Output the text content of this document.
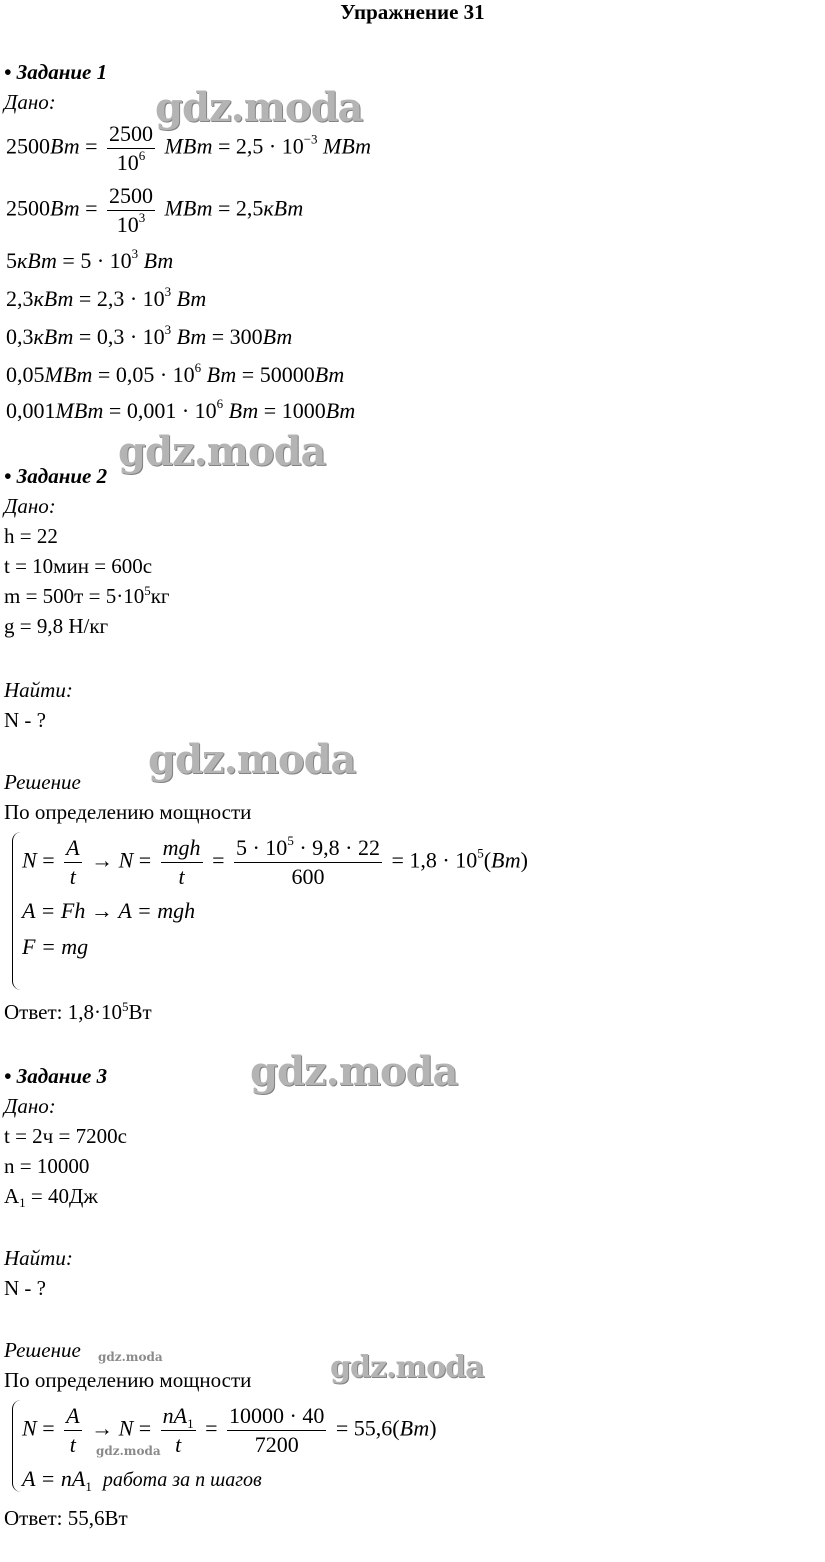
Упражнение 31
• Задание 1
Дано: gdz.moda
$2500Вт = \frac{2500}{10^6}$ МВт = $2,5 \cdot 10^{-3}$ МВт
$2500Вт = \frac{2500}{10^3}$ МВт = 2,5кВт
$5кВт = 5 \cdot 10^3$ Вт
$2,3кВт = 2,3 \cdot 10^3$ Вт
$0,3кВт = 0,3 \cdot 10^3$ Вт = 300Вт
$0,05МВт = 0,05 \cdot 10^6$ Вт = 50000Вт
$0,001МВт = 0,001 \cdot 10^6$ Вт = 1000Вт
gdz.moda
• Задание 2
Дано:
h = 22
t = 10мин = 600с
$m = 500т = 5\cdot 10^5кг$
g = 9,8 Н/кг
Найти:
N - ?
gdz.moda
Решение
По определению мощности
$N = \frac{A}{t} \to N = \frac{\text{mgh}}{t} = \frac{5 \cdot 10^5 \cdot 9,8 \cdot 22}{600} = 1,8 \cdot 10^5(Вт)$
A = Fh → A = mgh
F = mg
Ответ: $1,8\cdot 10^5Вт$
gdz.moda
• Задание 3
Дано:
t = 2ч = 7200с
n = 10000
A1 = 40Дж
Найти:
N - ?
Решение gdz.moda	gdz.moda
По определению мощности
$N = \frac{A}{t} \to N = \frac{nA_1}{t} = \frac{10000 \cdot 40}{7200} = 55,6(Вт)$
gdz.moda
$A = nA_1$ работа за n шагов
Ответ: 55,6Вт
